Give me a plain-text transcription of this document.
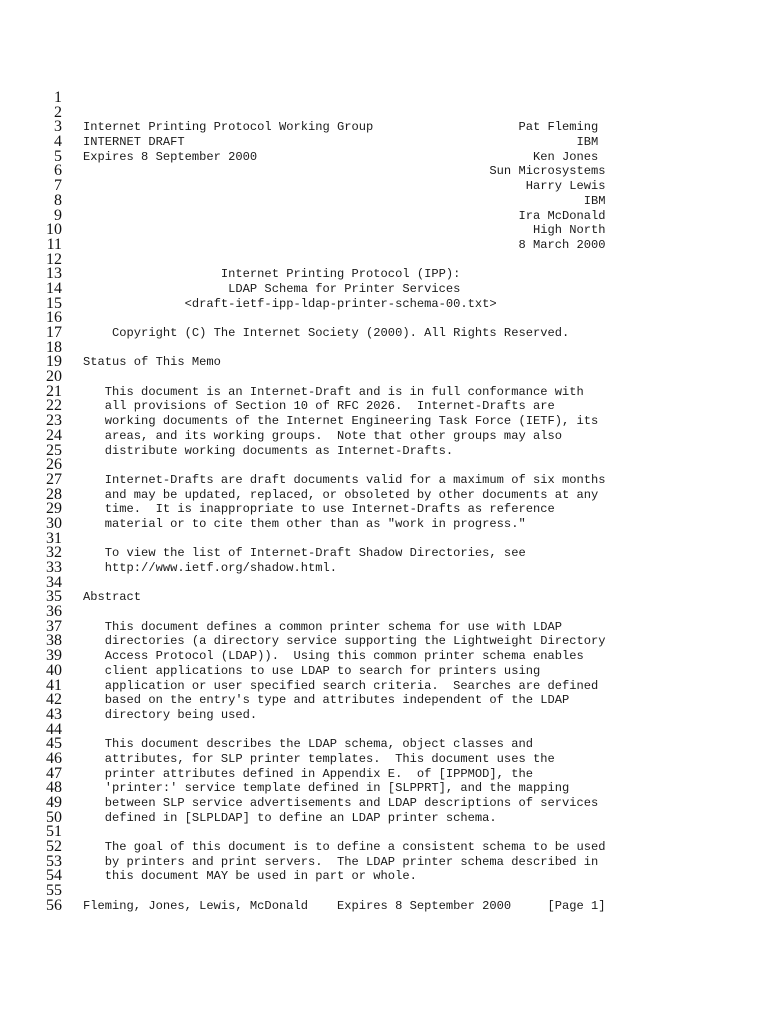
1
2
3 Internet Printing Protocol Working Group                    Pat Fleming
4 INTERNET DRAFT                                                      IBM
5 Expires 8 September 2000                                      Ken Jones
6 Sun Microsystems
7 Harry Lewis
8 IBM
9 Ira McDonald
10 High North
11 8 March 2000
12
13 Internet Printing Protocol (IPP):
14 LDAP Schema for Printer Services
15 <draft-ietf-ipp-ldap-printer-schema-00.txt>
16
17 Copyright (C) The Internet Society (2000). All Rights Reserved.
18
19 Status of This Memo
20
21 This document is an Internet-Draft and is in full conformance with
22 all provisions of Section 10 of RFC 2026.  Internet-Drafts are
23 working documents of the Internet Engineering Task Force (IETF), its
24 areas, and its working groups.  Note that other groups may also
25 distribute working documents as Internet-Drafts.
26
27 Internet-Drafts are draft documents valid for a maximum of six months
28 and may be updated, replaced, or obsoleted by other documents at any
29 time.  It is inappropriate to use Internet-Drafts as reference
30 material or to cite them other than as "work in progress."
31
32 To view the list of Internet-Draft Shadow Directories, see
33 http://www.ietf.org/shadow.html.
34
35 Abstract
36
37 This document defines a common printer schema for use with LDAP
38 directories (a directory service supporting the Lightweight Directory
39 Access Protocol (LDAP)).  Using this common printer schema enables
40 client applications to use LDAP to search for printers using
41 application or user specified search criteria.  Searches are defined
42 based on the entry's type and attributes independent of the LDAP
43 directory being used.
44
45 This document describes the LDAP schema, object classes and
46 attributes, for SLP printer templates.  This document uses the
47 printer attributes defined in Appendix E.  of [IPPMOD], the
48 'printer:' service template defined in [SLPPRT], and the mapping
49 between SLP service advertisements and LDAP descriptions of services
50 defined in [SLPLDAP] to define an LDAP printer schema.
51
52 The goal of this document is to define a consistent schema to be used
53 by printers and print servers.  The LDAP printer schema described in
54 this document MAY be used in part or whole.
55
56 Fleming, Jones, Lewis, McDonald    Expires 8 September 2000     [Page 1]
